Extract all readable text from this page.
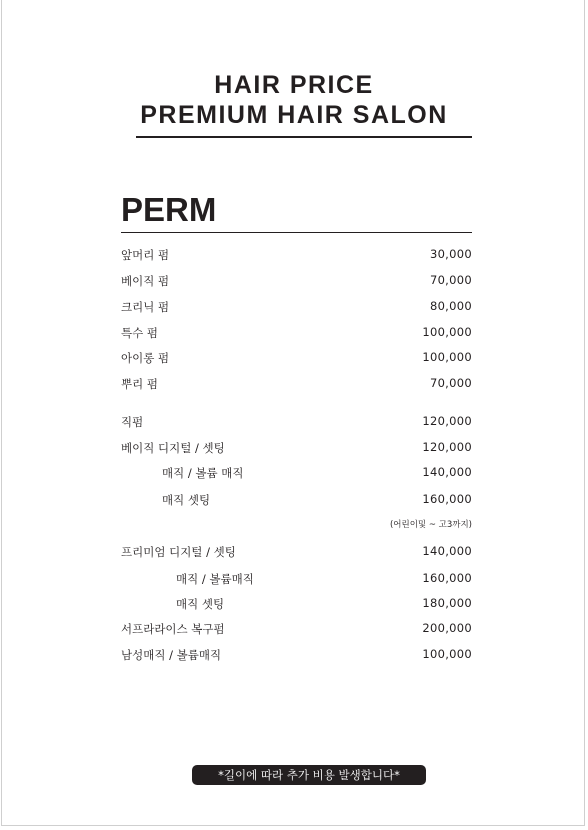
HAIR PRICE
PREMIUM HAIR SALON
PERM
앞머리 펌	30,000
베이직 펌	70,000
크리닉 펌	80,000
특수 펌	100,000
아이롱 펌	100,000
뿌리 펌	70,000
직펌	120,000
베이직 디지털 / 셋팅	120,000
매직 / 볼륨 매직	140,000
매직 셋팅	160,000
(어린이및 ~ 고3까지)
프리미엄 디지털 / 셋팅	140,000
매직 / 볼륨매직	160,000
매직 셋팅	180,000
서프라라이스 복구펌	200,000
남성매직 / 볼륨매직	100,000
*길이에 따라 추가 비용 발생합니다*
